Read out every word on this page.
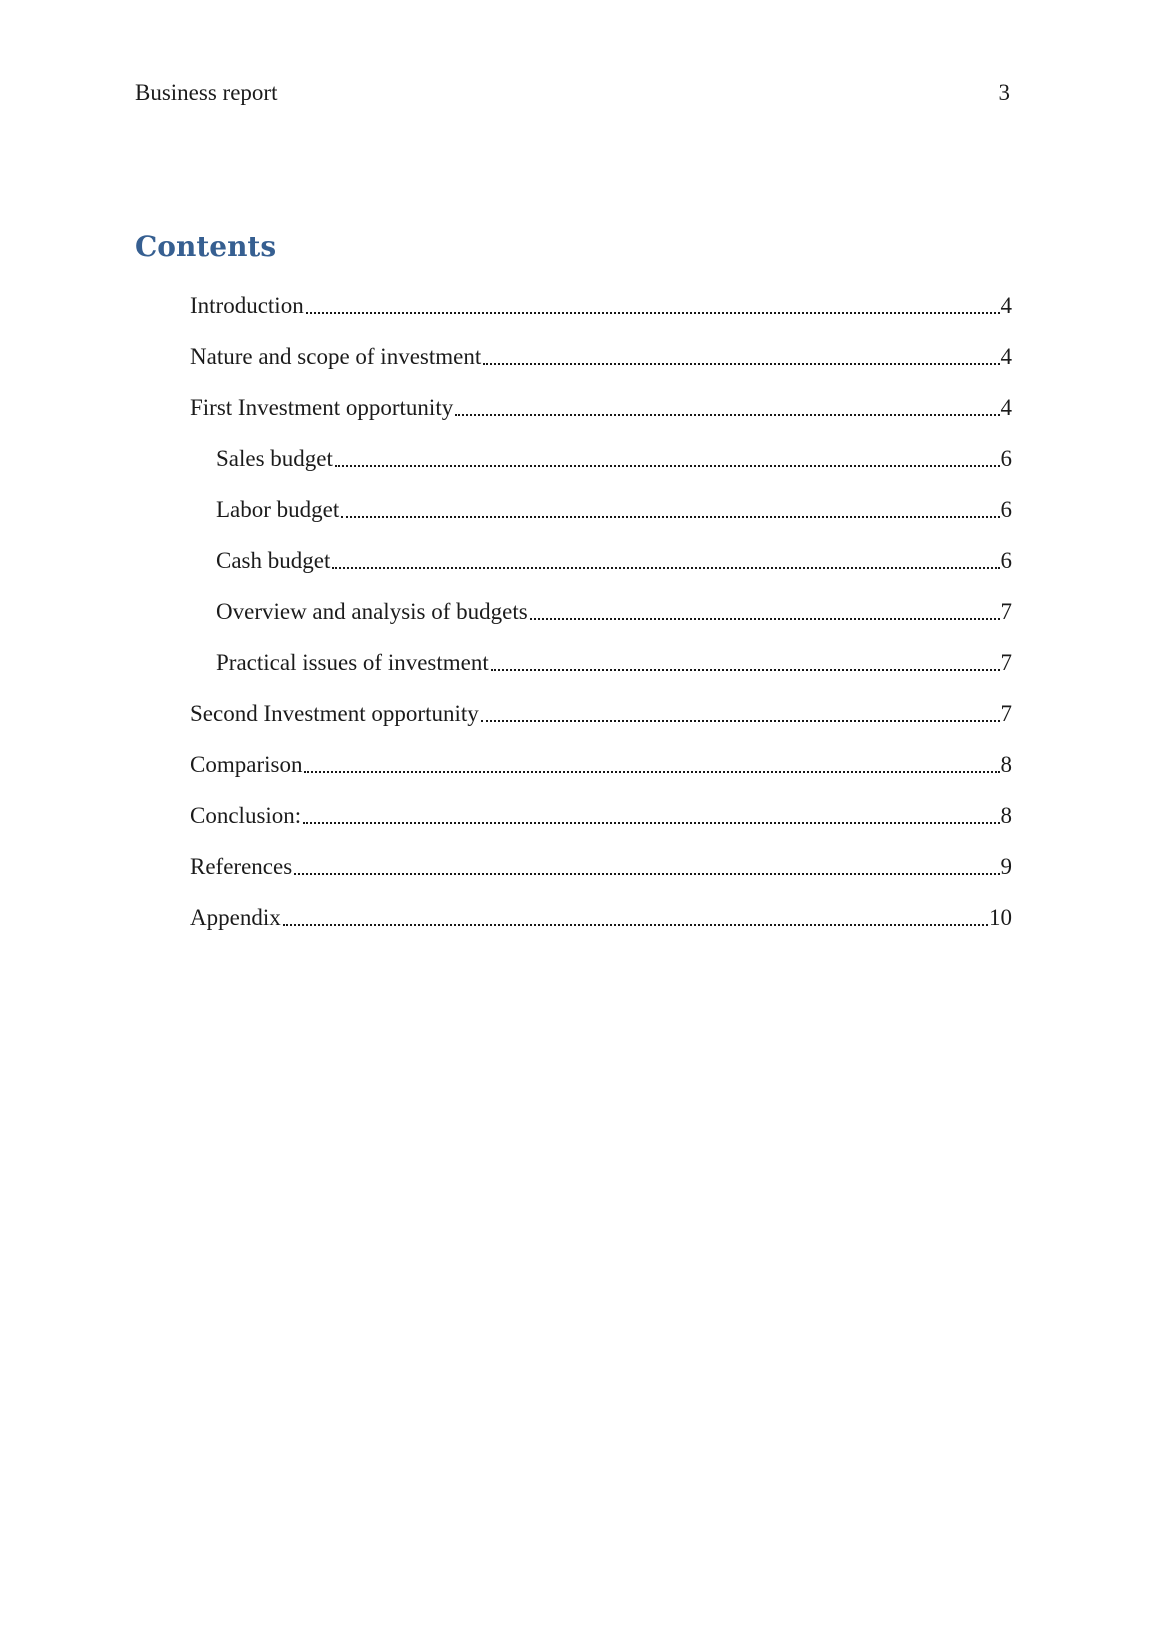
Business report	3
Contents
Introduction	4
Nature and scope of investment	4
First Investment opportunity	4
Sales budget	6
Labor budget	6
Cash budget	6
Overview and analysis of budgets	7
Practical issues of investment	7
Second Investment opportunity	7
Comparison	8
Conclusion:	8
References	9
Appendix	10
